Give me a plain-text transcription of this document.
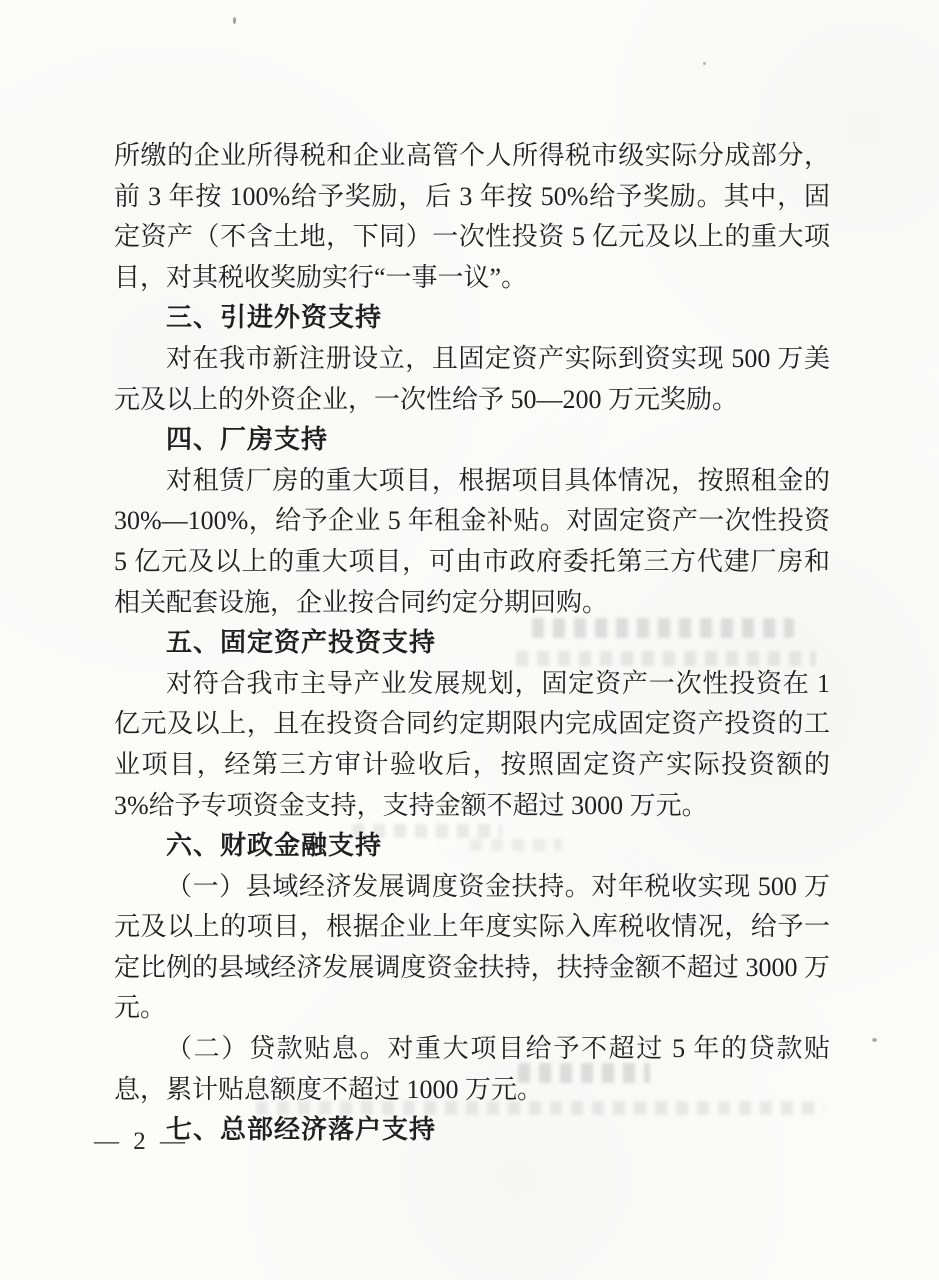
所缴的企业所得税和企业高管个人所得税市级实际分成部分，前 3 年按 100%给予奖励，后 3 年按 50%给予奖励。其中，固定资产（不含土地，下同）一次性投资 5 亿元及以上的重大项目，对其税收奖励实行“一事一议”。
三、引进外资支持
对在我市新注册设立，且固定资产实际到资实现 500 万美元及以上的外资企业，一次性给予 50—200 万元奖励。
四、厂房支持
对租赁厂房的重大项目，根据项目具体情况，按照租金的 30%—100%，给予企业 5 年租金补贴。对固定资产一次性投资 5 亿元及以上的重大项目，可由市政府委托第三方代建厂房和相关配套设施，企业按合同约定分期回购。
五、固定资产投资支持
对符合我市主导产业发展规划，固定资产一次性投资在 1 亿元及以上，且在投资合同约定期限内完成固定资产投资的工业项目，经第三方审计验收后，按照固定资产实际投资额的 3%给予专项资金支持，支持金额不超过 3000 万元。
六、财政金融支持
（一）县域经济发展调度资金扶持。对年税收实现 500 万元及以上的项目，根据企业上年度实际入库税收情况，给予一定比例的县域经济发展调度资金扶持，扶持金额不超过 3000 万元。
（二）贷款贴息。对重大项目给予不超过 5 年的贷款贴息，累计贴息额度不超过 1000 万元。
七、总部经济落户支持
— 2 —
